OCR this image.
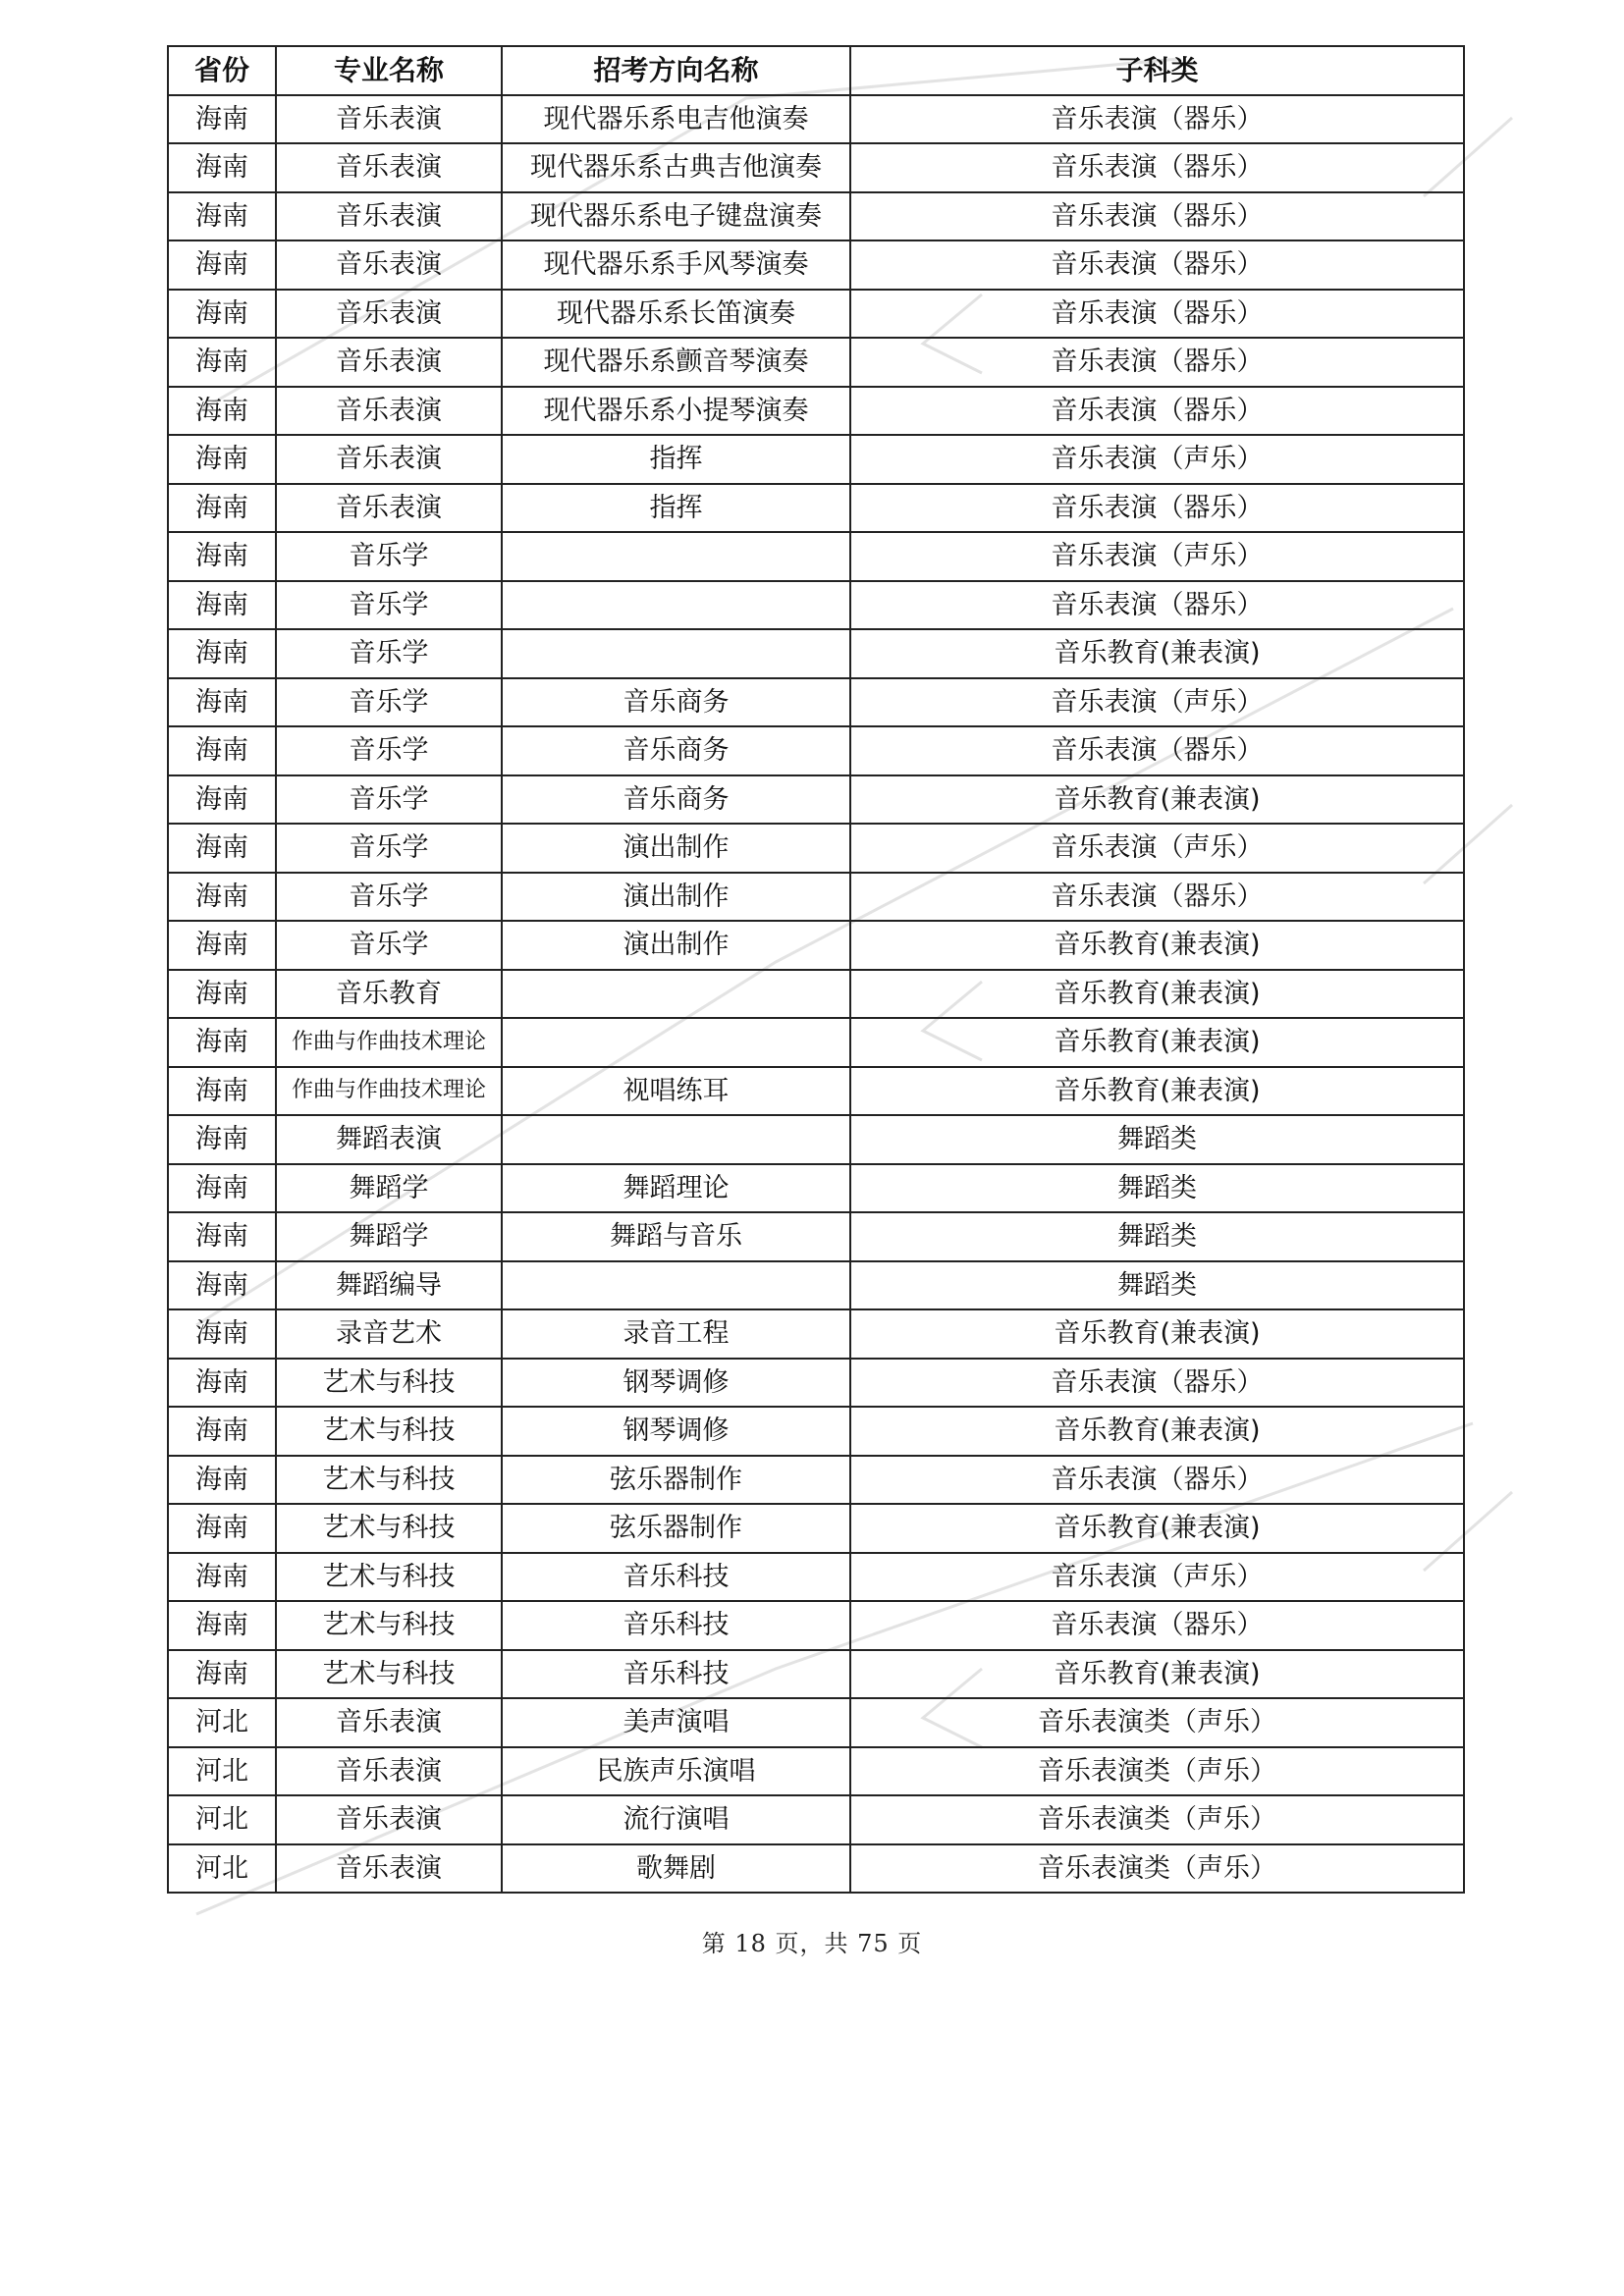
省份	专业名称	招考方向名称	子科类
海南	音乐表演	现代器乐系电吉他演奏	音乐表演（器乐）
海南	音乐表演	现代器乐系古典吉他演奏	音乐表演（器乐）
海南	音乐表演	现代器乐系电子键盘演奏	音乐表演（器乐）
海南	音乐表演	现代器乐系手风琴演奏	音乐表演（器乐）
海南	音乐表演	现代器乐系长笛演奏	音乐表演（器乐）
海南	音乐表演	现代器乐系颤音琴演奏	音乐表演（器乐）
海南	音乐表演	现代器乐系小提琴演奏	音乐表演（器乐）
海南	音乐表演	指挥	音乐表演（声乐）
海南	音乐表演	指挥	音乐表演（器乐）
海南	音乐学		音乐表演（声乐）
海南	音乐学		音乐表演（器乐）
海南	音乐学		音乐教育(兼表演)
海南	音乐学	音乐商务	音乐表演（声乐）
海南	音乐学	音乐商务	音乐表演（器乐）
海南	音乐学	音乐商务	音乐教育(兼表演)
海南	音乐学	演出制作	音乐表演（声乐）
海南	音乐学	演出制作	音乐表演（器乐）
海南	音乐学	演出制作	音乐教育(兼表演)
海南	音乐教育		音乐教育(兼表演)
海南	作曲与作曲技术理论		音乐教育(兼表演)
海南	作曲与作曲技术理论	视唱练耳	音乐教育(兼表演)
海南	舞蹈表演		舞蹈类
海南	舞蹈学	舞蹈理论	舞蹈类
海南	舞蹈学	舞蹈与音乐	舞蹈类
海南	舞蹈编导		舞蹈类
海南	录音艺术	录音工程	音乐教育(兼表演)
海南	艺术与科技	钢琴调修	音乐表演（器乐）
海南	艺术与科技	钢琴调修	音乐教育(兼表演)
海南	艺术与科技	弦乐器制作	音乐表演（器乐）
海南	艺术与科技	弦乐器制作	音乐教育(兼表演)
海南	艺术与科技	音乐科技	音乐表演（声乐）
海南	艺术与科技	音乐科技	音乐表演（器乐）
海南	艺术与科技	音乐科技	音乐教育(兼表演)
河北	音乐表演	美声演唱	音乐表演类（声乐）
河北	音乐表演	民族声乐演唱	音乐表演类（声乐）
河北	音乐表演	流行演唱	音乐表演类（声乐）
河北	音乐表演	歌舞剧	音乐表演类（声乐）
第 18 页，共 75 页
